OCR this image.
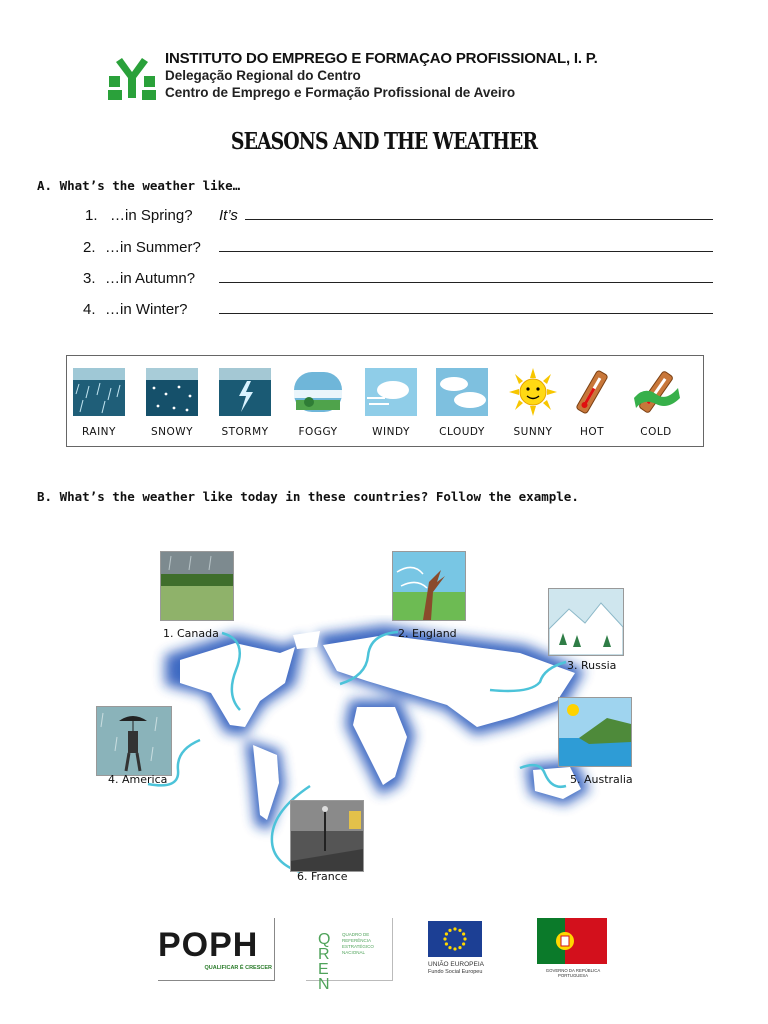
INSTITUTO DO EMPREGO E FORMAÇAO PROFISSIONAL, I. P.
Delegação Regional do Centro
Centro de Emprego e Formação Profissional de Aveiro
SEASONS AND THE WEATHER
A. What’s the weather like…
1. …in Spring? It’s
2. …in Summer?
3. …in Autumn?
4. …in Winter?
RAINY	SNOWY	STORMY	FOGGY	WINDY	CLOUDY	SUNNY	HOT	COLD
B. What’s the weather like today in these countries? Follow the example.
1. Canada	2. England
3. Russia
4. America	5. Australia
6. France
POPH
QUALIFICAR É CRESCER
QREN
QUADRO DE REFERÊNCIA ESTRATÉGICO NACIONAL
UNIÃO EUROPEIA
Fundo Social Europeu	GOVERNO DA REPÚBLICA PORTUGUESA
